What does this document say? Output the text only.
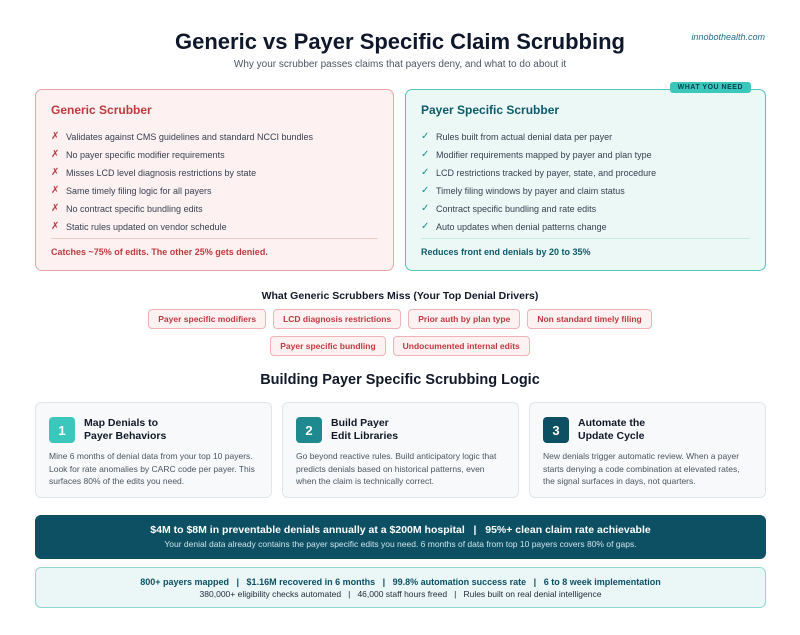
innobothealth.com
Generic vs Payer Specific Claim Scrubbing
Why your scrubber passes claims that payers deny, and what to do about it
Generic Scrubber
✗ Validates against CMS guidelines and standard NCCI bundles
✗ No payer specific modifier requirements
✗ Misses LCD level diagnosis restrictions by state
✗ Same timely filing logic for all payers
✗ No contract specific bundling edits
✗ Static rules updated on vendor schedule
Catches ~75% of edits. The other 25% gets denied.
WHAT YOU NEED
Payer Specific Scrubber
✓ Rules built from actual denial data per payer
✓ Modifier requirements mapped by payer and plan type
✓ LCD restrictions tracked by payer, state, and procedure
✓ Timely filing windows by payer and claim status
✓ Contract specific bundling and rate edits
✓ Auto updates when denial patterns change
Reduces front end denials by 20 to 35%
What Generic Scrubbers Miss (Your Top Denial Drivers)
Payer specific modifiers	LCD diagnosis restrictions	Prior auth by plan type	Non standard timely filing
Payer specific bundling	Undocumented internal edits
Building Payer Specific Scrubbing Logic
1	Map Denials to
Payer Behaviors
Mine 6 months of denial data from your top 10 payers. Look for rate anomalies by CARC code per payer. This surfaces 80% of the edits you need.
2	Build Payer
Edit Libraries
Go beyond reactive rules. Build anticipatory logic that predicts denials based on historical patterns, even when the claim is technically correct.
3	Automate the
Update Cycle
New denials trigger automatic review. When a payer starts denying a code combination at elevated rates, the signal surfaces in days, not quarters.
$4M to $8M in preventable denials annually at a $200M hospital   |   95%+ clean claim rate achievable
Your denial data already contains the payer specific edits you need. 6 months of data from top 10 payers covers 80% of gaps.
800+ payers mapped   |   $1.16M recovered in 6 months   |   99.8% automation success rate   |   6 to 8 week implementation
380,000+ eligibility checks automated   |   46,000 staff hours freed   |   Rules built on real denial intelligence
